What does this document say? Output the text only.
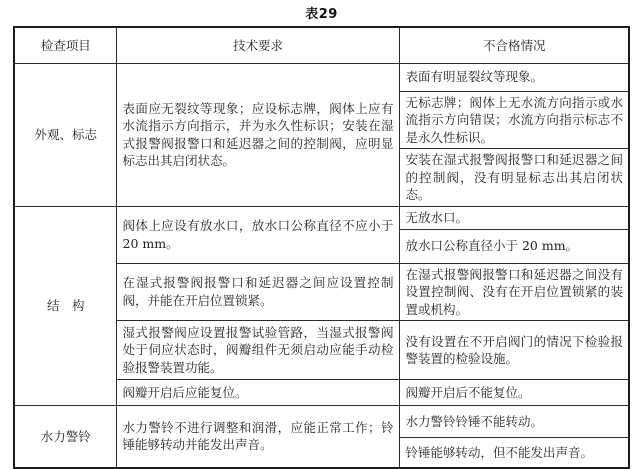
表29
检查项目	技术要求	不合格情况
外观、标志	表面应无裂纹等现象；应设标志牌，阀体上应有水流指示方向指示，并为永久性标识；安装在湿式报警阀报警口和延迟器之间的控制阀，应明显标志出其启闭状态。	表面有明显裂纹等现象。
		无标志牌；阀体上无水流方向指示或水流指示方向错误；水流方向指示标志不是永久性标识。
		安装在湿式报警阀报警口和延迟器之间的控制阀，没有明显标志出其启闭状态。
结　构	阀体上应设有放水口，放水口公称直径不应小于 20 mm。	无放水口。
		放水口公称直径小于 20 mm。
	在湿式报警阀报警口和延迟器之间应设置控制阀，并能在开启位置锁紧。	在湿式报警阀报警口和延迟器之间没有设置控制阀、没有在开启位置锁紧的装置或机构。
	湿式报警阀应设置报警试验管路，当湿式报警阀处于伺应状态时，阀瓣组件无须启动应能手动检验报警装置功能。	没有设置在不开启阀门的情况下检验报警装置的检验设施。
	阀瓣开启后应能复位。	阀瓣开启后不能复位。
水力警铃	水力警铃不进行调整和润滑，应能正常工作；铃锤能够转动并能发出声音。	水力警铃铃锤不能转动。
		铃锤能够转动，但不能发出声音。
